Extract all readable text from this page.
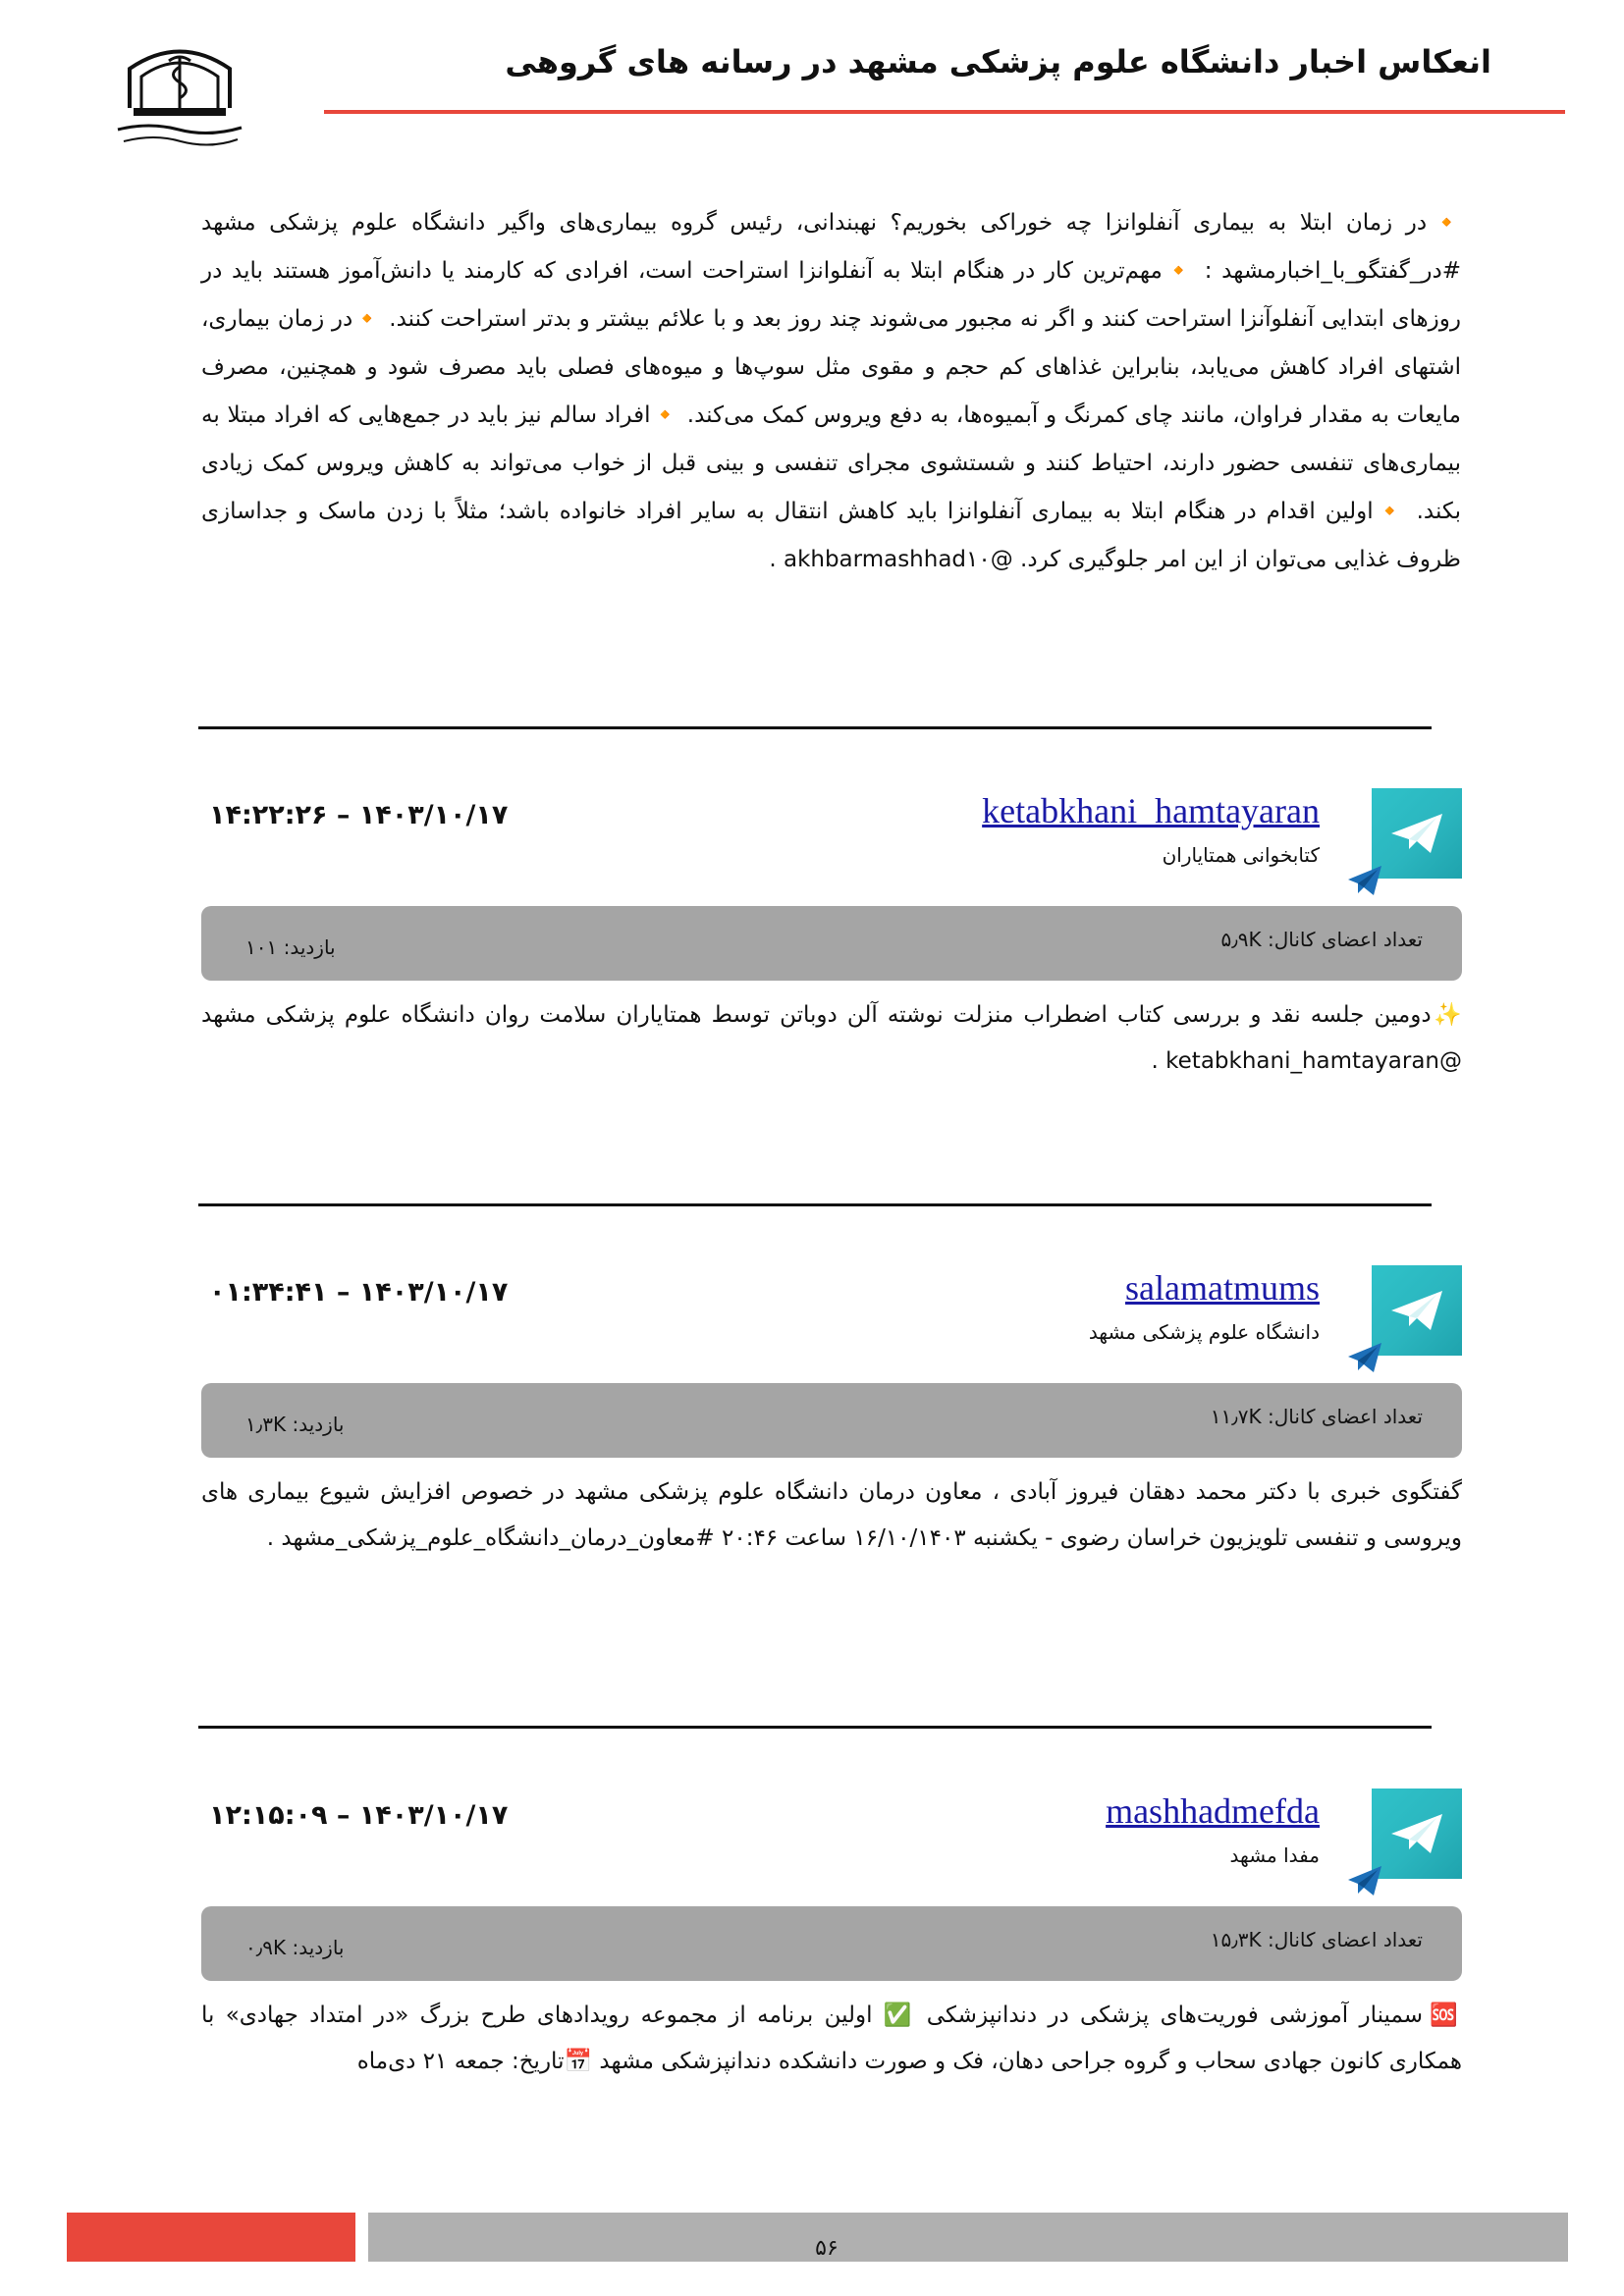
انعکاس اخبار دانشگاه علوم پزشکی مشهد در رسانه های گروهی
🔸در زمان ابتلا به بیماری آنفلوانزا چه خوراکی بخوریم؟ نهبندانی، رئیس گروه بیماری‌های واگیر دانشگاه علوم پزشکی مشهد #در_گفتگو_با_اخبارمشهد : 🔸مهم‌ترین کار در هنگام ابتلا به آنفلوانزا استراحت است، افرادی که کارمند یا دانش‌آموز هستند باید در روزهای ابتدایی آنفلوآنزا استراحت کنند و اگر نه مجبور می‌شوند چند روز بعد و با علائم بیشتر و بدتر استراحت کنند. 🔸در زمان بیماری، اشتهای افراد کاهش می‌یابد، بنابراین غذاهای کم حجم و مقوی مثل سوپ‌ها و میوه‌های فصلی باید مصرف شود و همچنین، مصرف مایعات به مقدار فراوان، مانند چای کمرنگ و آبمیوه‌ها، به دفع ویروس کمک می‌کند. 🔸افراد سالم نیز باید در جمع‌هایی که افراد مبتلا به بیماری‌های تنفسی حضور دارند، احتیاط کنند و شستشوی مجرای تنفسی و بینی قبل از خواب می‌تواند به کاهش ویروس کمک زیادی بکند. 🔸اولین اقدام در هنگام ابتلا به بیماری آنفلوانزا باید کاهش انتقال به سایر افراد خانواده باشد؛ مثلاً با زدن ماسک و جداسازی ظروف غذایی می‌توان از این امر جلوگیری کرد. @akhbarmashhad۱۰ .
ketabkhani_hamtayaran
کتابخوانی همتایاران
۱۴۰۳/۱۰/۱۷ – ۱۴:۲۲:۲۶
تعداد اعضای کانال: ۵٫۹K
بازدید: ۱۰۱
✨دومین جلسه نقد و بررسی کتاب اضطراب منزلت نوشته آلن دوباتن توسط همتایاران سلامت روان دانشگاه علوم پزشکی مشهد @ketabkhani_hamtayaran .
salamatmums
دانشگاه علوم پزشکی مشهد
۱۴۰۳/۱۰/۱۷ – ۰۱:۳۴:۴۱
تعداد اعضای کانال: ۱۱٫۷K
بازدید: ۱٫۳K
گفتگوی خبری با دکتر محمد دهقان فیروز آبادی ، معاون درمان دانشگاه علوم پزشکی مشهد در خصوص افزایش شیوع بیماری های ویروسی و تنفسی تلویزیون خراسان رضوی - یکشنبه ۱۶/۱۰/۱۴۰۳ ساعت ۲۰:۴۶ #معاون_درمان_دانشگاه_علوم_پزشکی_مشهد .
mashhadmefda
مفدا مشهد
۱۴۰۳/۱۰/۱۷ – ۱۲:۱۵:۰۹
تعداد اعضای کانال: ۱۵٫۳K
بازدید: ۰٫۹K
🆘 سمینار آموزشی فوریت‌های پزشکی در دندانپزشکی ✅ اولین برنامه از مجموعه رویدادهای طرح بزرگ «در امتداد جهادی» با همکاری کانون جهادی سحاب و گروه جراحی دهان، فک و صورت دانشکده دندانپزشکی مشهد 📅تاریخ: جمعه ۲۱ دی‌ماه
۵۶
